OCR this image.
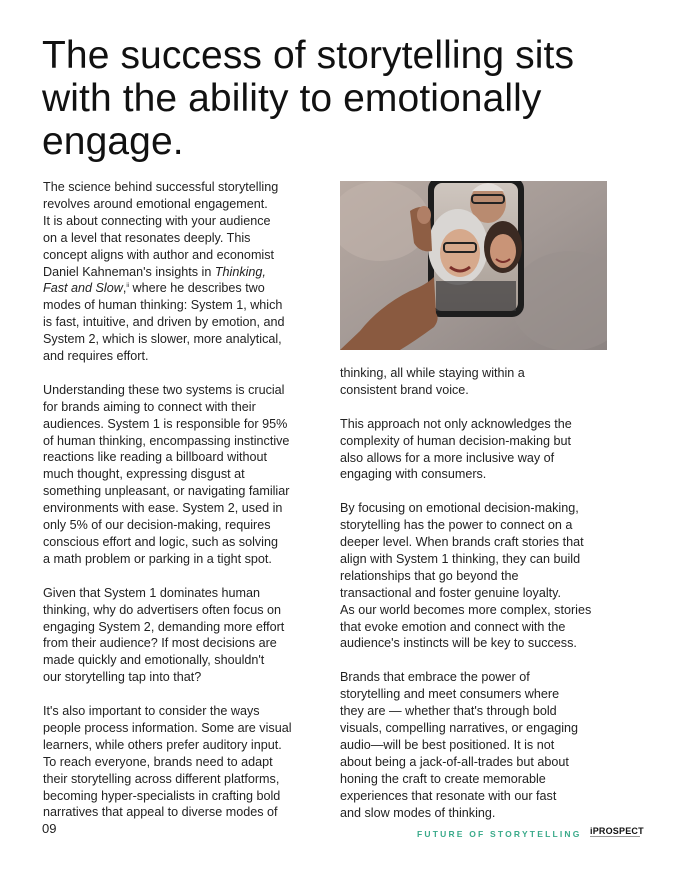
The success of storytelling sits with the ability to emotionally engage.

The science behind successful storytelling
revolves around emotional engagement.
It is about connecting with your audience
on a level that resonates deeply. This
concept aligns with author and economist
Daniel Kahneman's insights in Thinking,
Fast and Slow,$^{ii}$ where he describes two
modes of human thinking: System 1, which
is fast, intuitive, and driven by emotion, and
System 2, which is slower, more analytical,
and requires effort.

Understanding these two systems is crucial
for brands aiming to connect with their
audiences. System 1 is responsible for 95%
of human thinking, encompassing instinctive
reactions like reading a billboard without
much thought, expressing disgust at
something unpleasant, or navigating familiar
environments with ease. System 2, used in
only 5% of our decision-making, requires
conscious effort and logic, such as solving
a math problem or parking in a tight spot.

Given that System 1 dominates human
thinking, why do advertisers often focus on
engaging System 2, demanding more effort
from their audience? If most decisions are
made quickly and emotionally, shouldn't
our storytelling tap into that?

It's also important to consider the ways
people process information. Some are visual
learners, while others prefer auditory input.
To reach everyone, brands need to adapt
their storytelling across different platforms,
becoming hyper-specialists in crafting bold
narratives that appeal to diverse modes of

thinking, all while staying within a
consistent brand voice.

This approach not only acknowledges the
complexity of human decision-making but
also allows for a more inclusive way of
engaging with consumers.

By focusing on emotional decision-making,
storytelling has the power to connect on a
deeper level. When brands craft stories that
align with System 1 thinking, they can build
relationships that go beyond the
transactional and foster genuine loyalty.
As our world becomes more complex, stories
that evoke emotion and connect with the
audience's instincts will be key to success.

Brands that embrace the power of
storytelling and meet consumers where
they are — whether that's through bold
visuals, compelling narratives, or engaging
audio—will be best positioned. It is not
about being a jack-of-all-trades but about
honing the craft to create memorable
experiences that resonate with our fast
and slow modes of thinking.

09	FUTURE OF STORYTELLING iPROSPECT
